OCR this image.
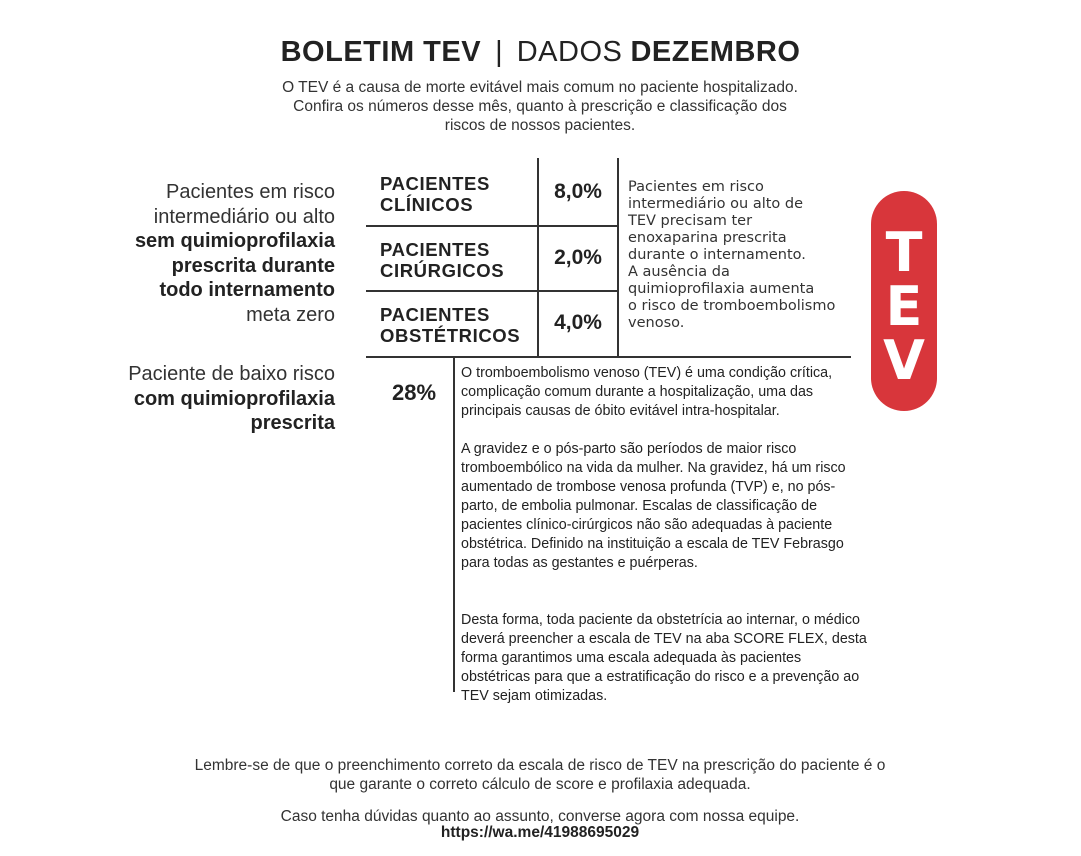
BOLETIM TEV | DADOS DEZEMBRO
O TEV é a causa de morte evitável mais comum no paciente hospitalizado.
Confira os números desse mês, quanto à prescrição e classificação dos
riscos de nossos pacientes.
Pacientes em risco
intermediário ou alto
sem quimioprofilaxia
prescrita durante
todo internamento
meta zero
Paciente de baixo risco
com quimioprofilaxia
prescrita
PACIENTES
CLÍNICOS
8,0%
PACIENTES
CIRÚRGICOS
2,0%
PACIENTES
OBSTÉTRICOS
4,0%
Pacientes em risco
intermediário ou alto de
TEV precisam ter
enoxaparina prescrita
durante o internamento.
A ausência da
quimioprofilaxia aumenta
o risco de tromboembolismo
venoso.
T
E
V
28%

O tromboembolismo venoso (TEV) é uma condição crítica, complicação comum durante a hospitalização, uma das principais causas de óbito evitável intra-hospitalar.

A gravidez e o pós-parto são períodos de maior risco tromboembólico na vida da mulher. Na gravidez, há um risco aumentado de trombose venosa profunda (TVP) e, no pós-parto, de embolia pulmonar. Escalas de classificação de pacientes clínico-cirúrgicos não são adequadas à paciente obstétrica. Definido na instituição a escala de TEV Febrasgo para todas as gestantes e puérperas.

Desta forma, toda paciente da obstetrícia ao internar, o médico deverá preencher a escala de TEV na aba SCORE FLEX, desta forma garantimos uma escala adequada às pacientes obstétricas para que a estratificação do risco e a prevenção ao TEV sejam otimizadas.

Lembre-se de que o preenchimento correto da escala de risco de TEV na prescrição do paciente é o
que garante o correto cálculo de score e profilaxia adequada.
Caso tenha dúvidas quanto ao assunto, converse agora com nossa equipe.
https://wa.me/41988695029
